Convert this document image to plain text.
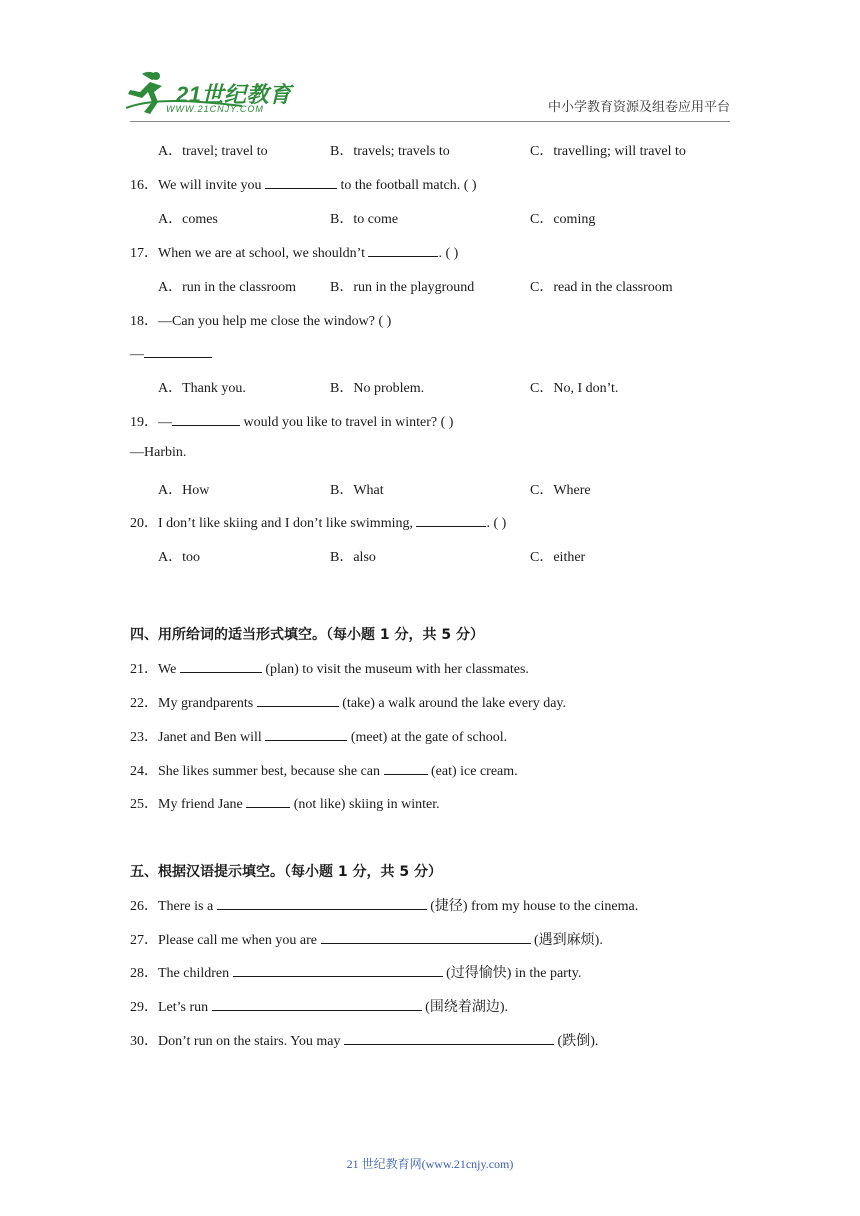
21世纪教育
WWW.21CNJY.COM	中小学教育资源及组卷应用平台
A．travel; travel to	B．travels; travels to	C．travelling; will travel to
16．We will invite you	to the football match. ( )
A．comes	B．to come	C．coming
17．When we are at school, we shouldn’t	. ( )
A．run in the classroom B．run in the playground	C．read in the classroom
18．—Can you help me close the window? ( )
—
A．Thank you.	B．No problem.	C．No, I don’t.
19．—	would you like to travel in winter? ( )
—Harbin.
A．How	B．What	C．Where
20．I don’t like skiing and I don’t like swimming,	. ( )
A．too	B．also	C．either
四、用所给词的适当形式填空。（每小题 1 分，共 5 分）
21．We	(plan) to visit the museum with her classmates.
22．My grandparents	(take) a walk around the lake every day.
23．Janet and Ben will	(meet) at the gate of school.
24．She likes summer best, because she can	(eat) ice cream.
25．My friend Jane	(not like) skiing in winter.
五、根据汉语提示填空。（每小题 1 分，共 5 分）
26．There is a	(捷径) from my house to the cinema.
27．Please call me when you are	(遇到麻烦).
28．The children	(过得愉快) in the party.
29．Let’s run	(围绕着湖边).
30．Don’t run on the stairs. You may	(跌倒).
21 世纪教育网(www.21cnjy.com)
